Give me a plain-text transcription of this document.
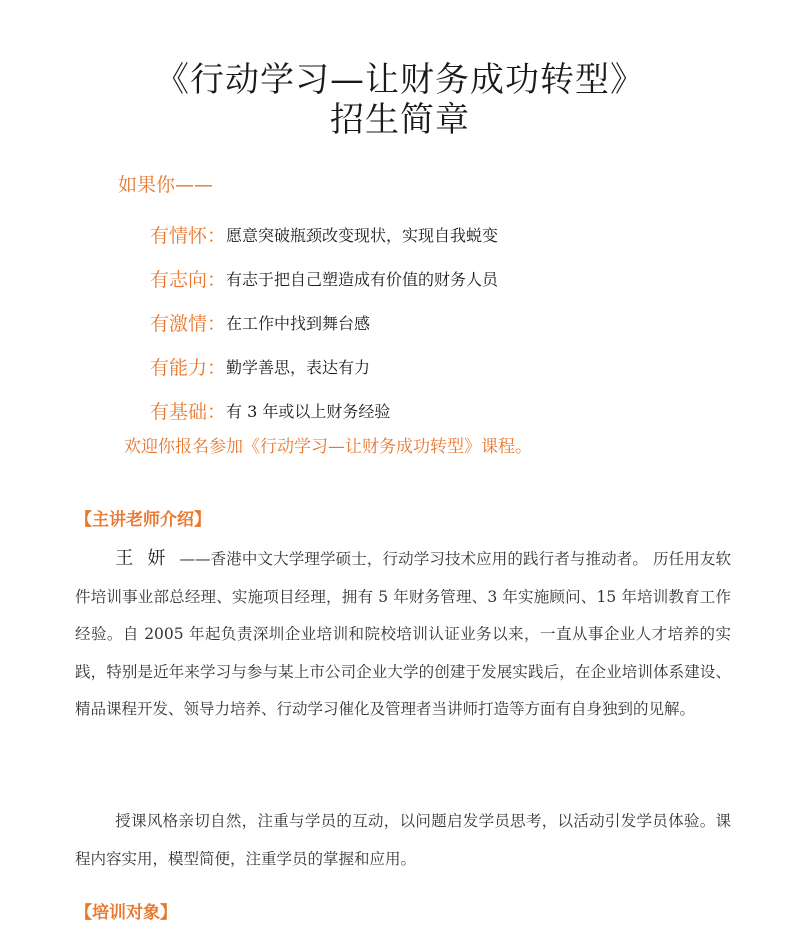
《行动学习—让财务成功转型》
招生简章
如果你——
有情怀： 愿意突破瓶颈改变现状，实现自我蜕变
有志向： 有志于把自己塑造成有价值的财务人员
有激情： 在工作中找到舞台感
有能力： 勤学善思，表达有力
有基础： 有 3 年或以上财务经验
欢迎你报名参加《行动学习—让财务成功转型》课程。
【主讲老师介绍】

王妍——香港中文大学理学硕士，行动学习技术应用的践行者与推动者。 历任用友软件培训事业部总经理、实施项目经理，拥有 5 年财务管理、3 年实施顾问、15 年培训教育工作经验。自 2005 年起负责深圳企业培训和院校培训认证业务以来，一直从事企业人才培养的实践，特别是近年来学习与参与某上市公司企业大学的创建于发展实践后，在企业培训体系建设、精品课程开发、领导力培养、行动学习催化及管理者当讲师打造等方面有自身独到的见解。

授课风格亲切自然，注重与学员的互动，以问题启发学员思考，以活动引发学员体验。课程内容实用，模型简便，注重学员的掌握和应用。

【培训对象】
